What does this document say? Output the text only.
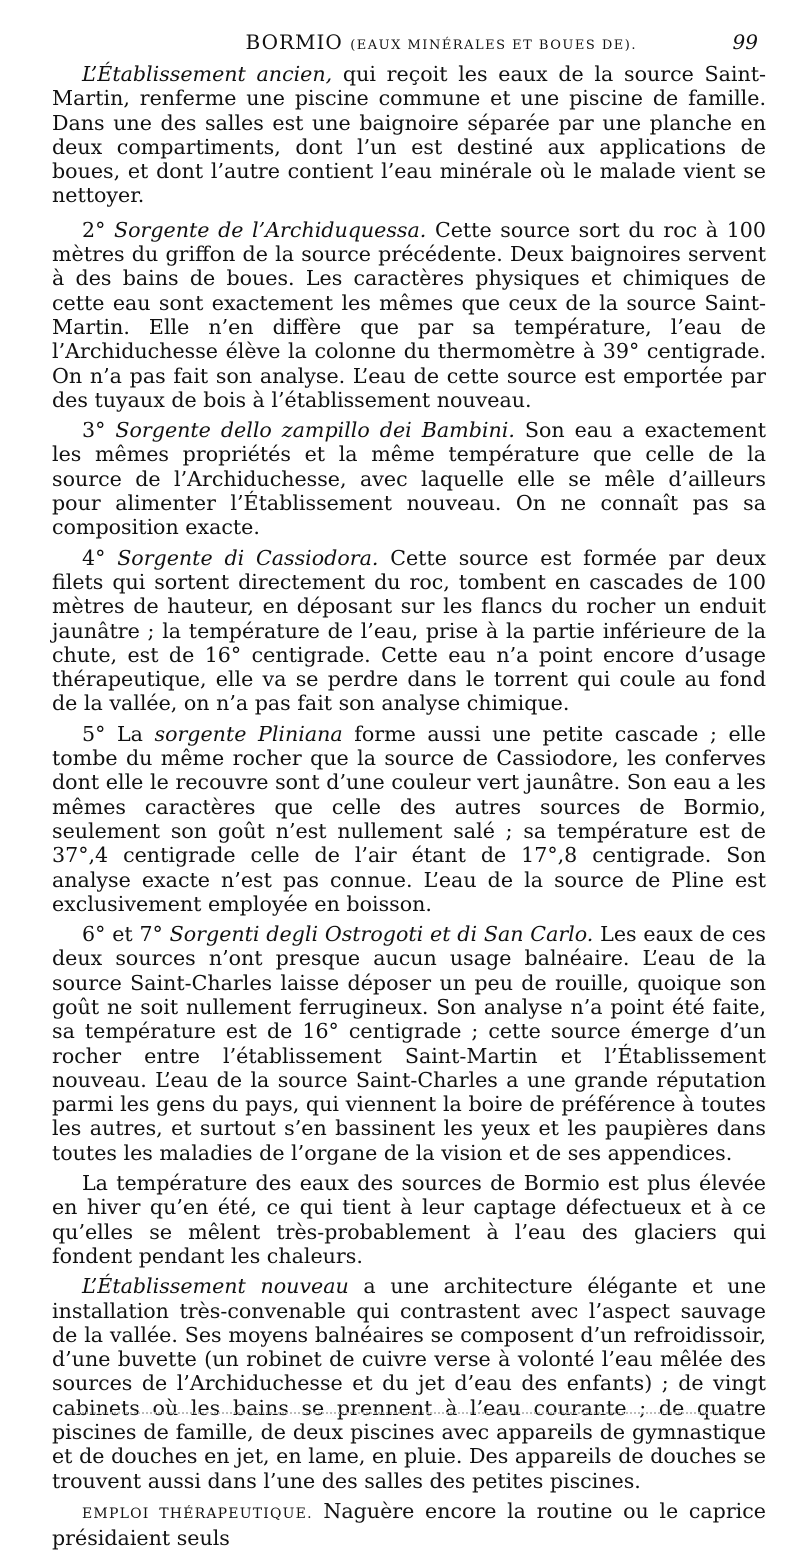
BORMIO (EAUX MINÉRALES ET BOUES DE).	99

L’Établissement ancien, qui reçoit les eaux de la source Saint-Martin, renferme une piscine commune et une piscine de famille. Dans une des salles est une baignoire séparée par une planche en deux compartiments, dont l’un est destiné aux applications de boues, et dont l’autre contient l’eau minérale où le malade vient se nettoyer.

2° Sorgente de l’Archiduquessa. Cette source sort du roc à 100 mètres du griffon de la source précédente. Deux baignoires servent à des bains de boues. Les caractères physiques et chimiques de cette eau sont exactement les mêmes que ceux de la source Saint-Martin. Elle n’en diffère que par sa température, l’eau de l’Archiduchesse élève la colonne du thermomètre à 39° centigrade. On n’a pas fait son analyse. L’eau de cette source est emportée par des tuyaux de bois à l’établissement nouveau.

3° Sorgente dello zampillo dei Bambini. Son eau a exactement les mêmes propriétés et la même température que celle de la source de l’Archiduchesse, avec laquelle elle se mêle d’ailleurs pour alimenter l’Établissement nouveau. On ne connaît pas sa composition exacte.

4° Sorgente di Cassiodora. Cette source est formée par deux filets qui sortent directement du roc, tombent en cascades de 100 mètres de hauteur, en déposant sur les flancs du rocher un enduit jaunâtre ; la température de l’eau, prise à la partie inférieure de la chute, est de 16° centigrade. Cette eau n’a point encore d’usage thérapeutique, elle va se perdre dans le torrent qui coule au fond de la vallée, on n’a pas fait son analyse chimique.

5° La sorgente Pliniana forme aussi une petite cascade ; elle tombe du même rocher que la source de Cassiodore, les conferves dont elle le recouvre sont d’une couleur vert jaunâtre. Son eau a les mêmes caractères que celle des autres sources de Bormio, seulement son goût n’est nullement salé ; sa température est de 37°,4 centigrade celle de l’air étant de 17°,8 centigrade. Son analyse exacte n’est pas connue. L’eau de la source de Pline est exclusivement employée en boisson.

6° et 7° Sorgenti degli Ostrogoti et di San Carlo. Les eaux de ces deux sources n’ont presque aucun usage balnéaire. L’eau de la source Saint-Charles laisse déposer un peu de rouille, quoique son goût ne soit nullement ferrugineux. Son analyse n’a point été faite, sa température est de 16° centigrade ; cette source émerge d’un rocher entre l’établissement Saint-Martin et l’Établissement nouveau. L’eau de la source Saint-Charles a une grande réputation parmi les gens du pays, qui viennent la boire de préférence à toutes les autres, et surtout s’en bassinent les yeux et les paupières dans toutes les maladies de l’organe de la vision et de ses appendices.

La température des eaux des sources de Bormio est plus élevée en hiver qu’en été, ce qui tient à leur captage défectueux et à ce qu’elles se mêlent très-probablement à l’eau des glaciers qui fondent pendant les chaleurs.

L’Établissement nouveau a une architecture élégante et une installation très-convenable qui contrastent avec l’aspect sauvage de la vallée. Ses moyens balnéaires se composent d’un refroidissoir, d’une buvette (un robinet de cuivre verse à volonté l’eau mêlée des sources de l’Archiduchesse et du jet d’eau des enfants) ; de vingt cabinets où les bains se prennent à l’eau courante ; de quatre piscines de famille, de deux piscines avec appareils de gymnastique et de douches en jet, en lame, en pluie. Des appareils de douches se trouvent aussi dans l’une des salles des petites piscines.

EMPLOI THÉRAPEUTIQUE. Naguère encore la routine ou le caprice présidaient seuls
